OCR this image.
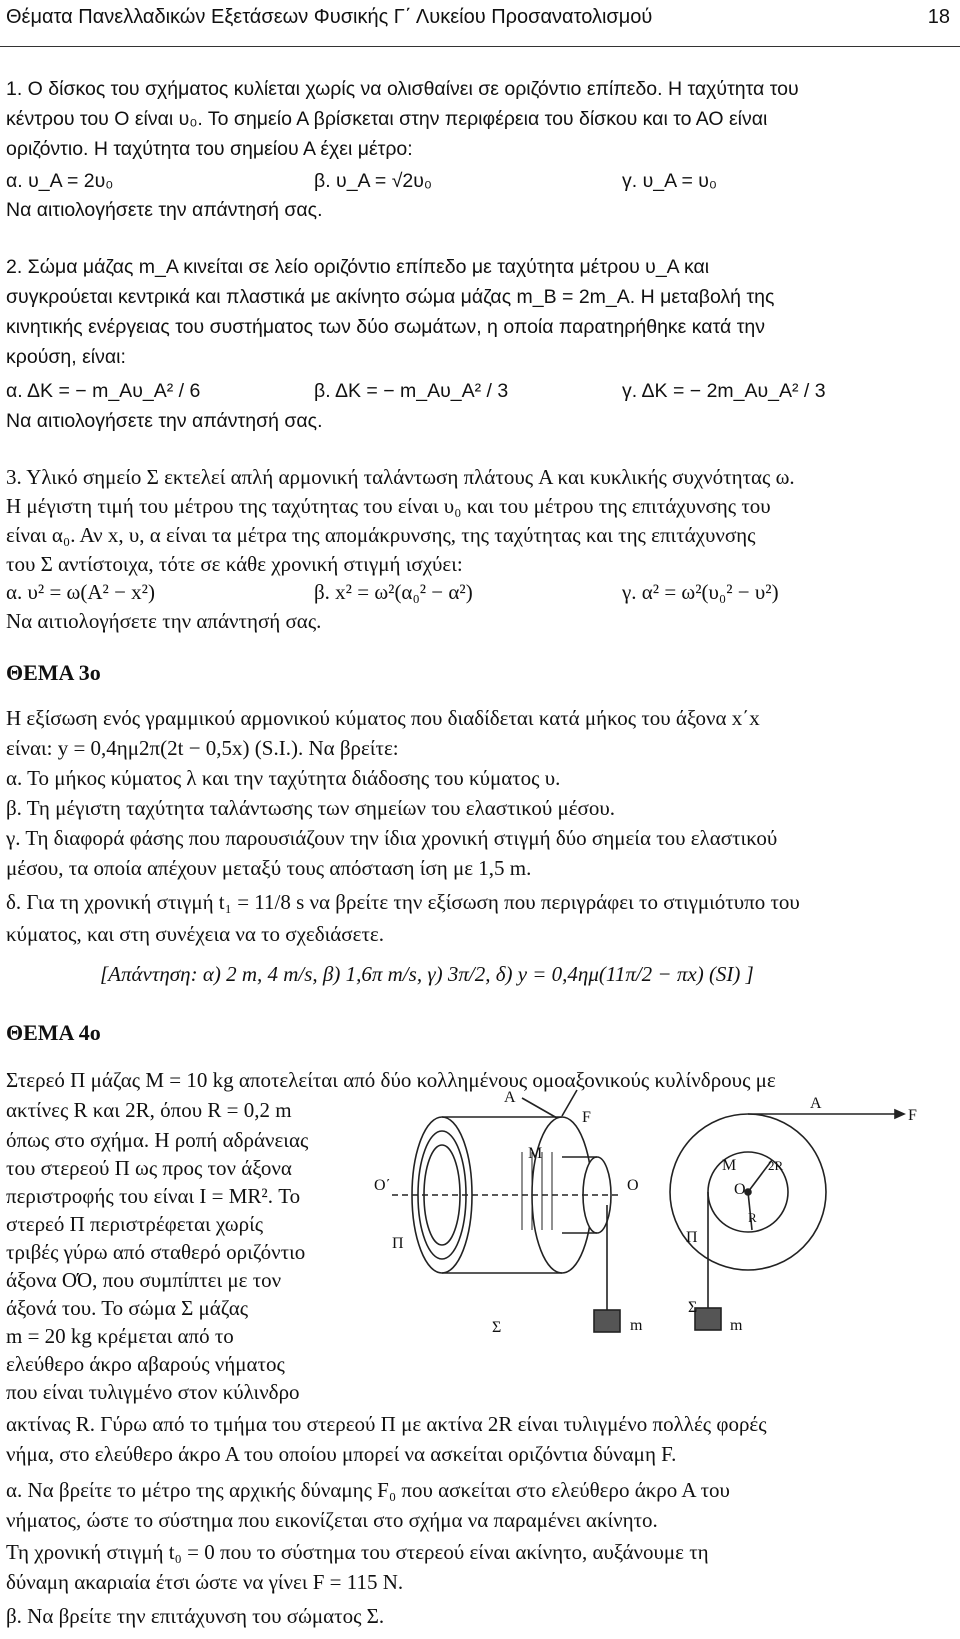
Θέματα Πανελλαδικών Εξετάσεων Φυσικής Γ΄ Λυκείου Προσανατολισμού	18
1. Ο δίσκος του σχήματος κυλίεται χωρίς να ολισθαίνει σε οριζόντιο επίπεδο. Η ταχύτητα του
κέντρου του Ο είναι υ₀. Το σημείο Α βρίσκεται στην περιφέρεια του δίσκου και το ΑΟ είναι
οριζόντιο. Η ταχύτητα του σημείου Α έχει μέτρο:
α. υ_A = 2υ₀	β. υ_A = √2υ₀	γ. υ_A = υ₀
Να αιτιολογήσετε την απάντησή σας.
2. Σώμα μάζας m_A κινείται σε λείο οριζόντιο επίπεδο με ταχύτητα μέτρου υ_A και
συγκρούεται κεντρικά και πλαστικά με ακίνητο σώμα μάζας m_B = 2m_A. Η μεταβολή της
κινητικής ενέργειας του συστήματος των δύο σωμάτων, η οποία παρατηρήθηκε κατά την
κρούση, είναι:
α. ΔΚ = − m_Aυ_A² / 6	β. ΔΚ = − m_Aυ_A² / 3	γ. ΔΚ = − 2m_Aυ_A² / 3
Να αιτιολογήσετε την απάντησή σας.
3. Υλικό σημείο Σ εκτελεί απλή αρμονική ταλάντωση πλάτους A και κυκλικής συχνότητας ω.
Η μέγιστη τιμή του μέτρου της ταχύτητας του είναι υ₀ και του μέτρου της επιτάχυνσης του
είναι α₀. Αν x, υ, α είναι τα μέτρα της απομάκρυνσης, της ταχύτητας και της επιτάχυνσης
του Σ αντίστοιχα, τότε σε κάθε χρονική στιγμή ισχύει:
α. υ² = ω(A² − x²)	β. x² = ω²(α₀² − α²)	γ. α² = ω²(υ₀² − υ²)
Να αιτιολογήσετε την απάντησή σας.
ΘΕΜΑ 3ο
Η εξίσωση ενός γραμμικού αρμονικού κύματος που διαδίδεται κατά μήκος του άξονα x΄x
είναι: y = 0,4ημ2π(2t − 0,5x) (S.I.). Να βρείτε:
α. Το μήκος κύματος λ και την ταχύτητα διάδοσης του κύματος υ.
β. Τη μέγιστη ταχύτητα ταλάντωσης των σημείων του ελαστικού μέσου.
γ. Τη διαφορά φάσης που παρουσιάζουν την ίδια χρονική στιγμή δύο σημεία του ελαστικού
μέσου, τα οποία απέχουν μεταξύ τους απόσταση ίση με 1,5 m.
δ. Για τη χρονική στιγμή t₁ = 11/8 s να βρείτε την εξίσωση που περιγράφει το στιγμιότυπο του
κύματος, και στη συνέχεια να το σχεδιάσετε.
[Απάντηση: α) 2 m, 4 m/s, β) 1,6π m/s, γ) 3π/2, δ) y = 0,4ημ(11π/2 − πx) (SI) ]
ΘΕΜΑ 4ο
Στερεό Π μάζας M = 10 kg αποτελείται από δύο κολλημένους ομοαξονικούς κυλίνδρους με
ακτίνες R και 2R, όπου R = 0,2 m
όπως στο σχήμα. Η ροπή αδράνειας
του στερεού Π ως προς τον άξονα
περιστροφής του είναι I = MR². Το
στερεό Π περιστρέφεται χωρίς
τριβές γύρω από σταθερό οριζόντιο
άξονα ΟΌ, που συμπίπτει με τον
άξονά του. Το σώμα Σ μάζας
m = 20 kg κρέμεται από το
ελεύθερο άκρο αβαρούς νήματος
που είναι τυλιγμένο στον κύλινδρο
ακτίνας R. Γύρω από το τμήμα του στερεού Π με ακτίνα 2R είναι τυλιγμένο πολλές φορές
νήμα, στο ελεύθερο άκρο Α του οποίου μπορεί να ασκείται οριζόντια δύναμη F.
α. Να βρείτε το μέτρο της αρχικής δύναμης F₀ που ασκείται στο ελεύθερο άκρο Α του
νήματος, ώστε το σύστημα που εικονίζεται στο σχήμα να παραμένει ακίνητο.
Τη χρονική στιγμή t₀ = 0 που το σύστημα του στερεού είναι ακίνητο, αυξάνουμε τη
δύναμη ακαριαία έτσι ώστε να γίνει F = 115 N.
β. Να βρείτε την επιτάχυνση του σώματος Σ.
A
F
M
O΄	O
Π
Σ	m
A
F
M 2R
O
R
Π
Σ
m
